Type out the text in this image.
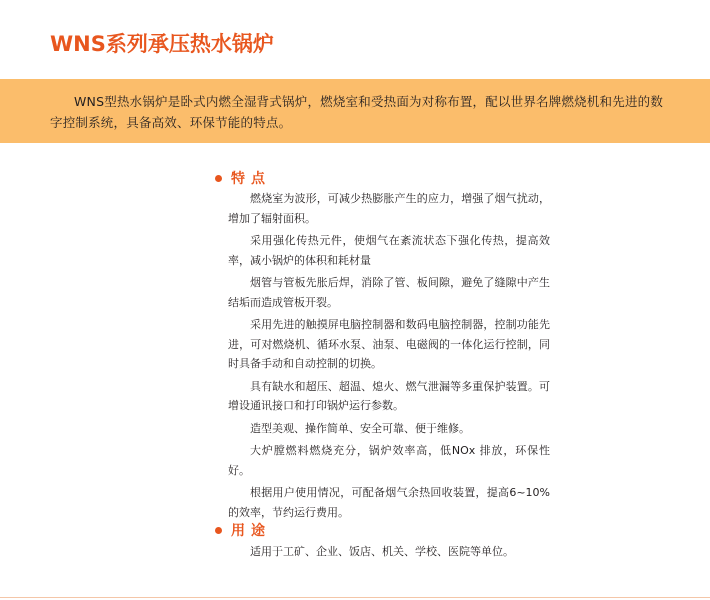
WNS系列承压热水锅炉
WNS型热水锅炉是卧式内燃全湿背式锅炉，燃烧室和受热面为对称布置，配以世界名牌燃烧机和先进的数字控制系统，具备高效、环保节能的特点。
特点

燃烧室为波形，可减少热膨胀产生的应力，增强了烟气扰动，增加了辐射面积。

采用强化传热元件，使烟气在紊流状态下强化传热，提高效率，减小锅炉的体积和耗材量

烟管与管板先胀后焊，消除了管、板间隙，避免了缝隙中产生结垢而造成管板开裂。

采用先进的触摸屏电脑控制器和数码电脑控制器，控制功能先进，可对燃烧机、循环水泵、油泵、电磁阀的一体化运行控制，同时具备手动和自动控制的切换。

具有缺水和超压、超温、熄火、燃气泄漏等多重保护装置。可增设通讯接口和打印锅炉运行参数。

造型美观、操作简单、安全可靠、便于维修。

大炉膛燃料燃烧充分，锅炉效率高，低NOx 排放，环保性好。

根据用户使用情况，可配备烟气余热回收装置，提高6~10%的效率，节约运行费用。

用途
适用于工矿、企业、饭店、机关、学校、医院等单位。
